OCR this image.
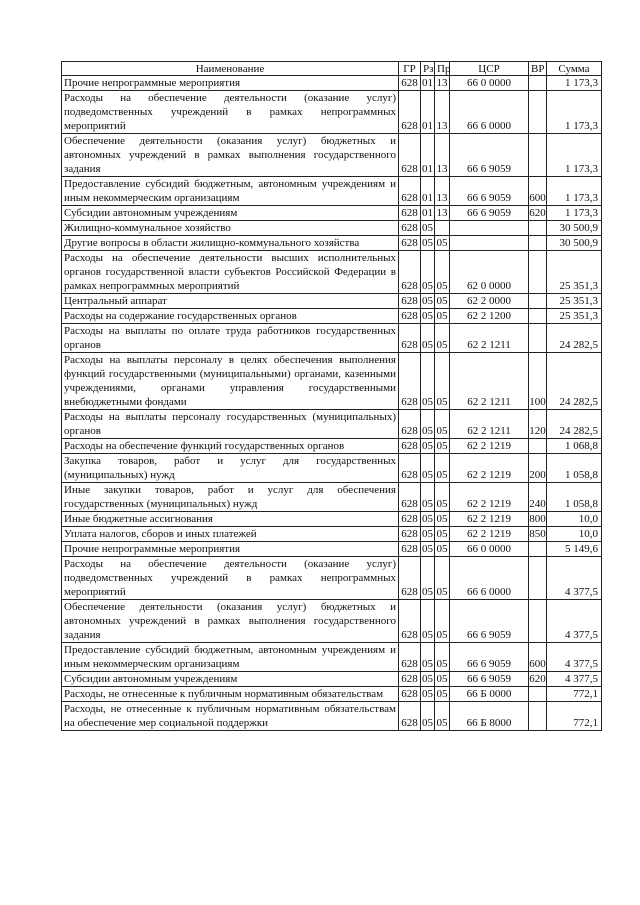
Наименование	ГР	Рз	Пр	ЦСР	ВР	Сумма
Прочие непрограммные мероприятия	628	01	13	66 0 0000		1 173,3
Расходы на обеспечение деятельности (оказание услуг) подведомственных учреждений в рамках непрограммных мероприятий	628	01	13	66 6 0000		1 173,3
Обеспечение деятельности (оказания услуг) бюджетных и автономных учреждений в рамках выполнения государственного задания	628	01	13	66 6 9059		1 173,3
Предоставление субсидий бюджетным, автономным учреждениям и иным некоммерческим организациям	628	01	13	66 6 9059	600	1 173,3
Субсидии автономным учреждениям	628	01	13	66 6 9059	620	1 173,3
Жилищно-коммунальное хозяйство	628	05				30 500,9
Другие вопросы в области жилищно-коммунального хозяйства	628	05	05			30 500,9
Расходы на обеспечение деятельности высших исполнительных органов государственной власти субъектов Российской Федерации в рамках непрограммных мероприятий	628	05	05	62 0 0000		25 351,3
Центральный аппарат	628	05	05	62 2 0000		25 351,3
Расходы на содержание государственных органов	628	05	05	62 2 1200		25 351,3
Расходы на выплаты по оплате труда работников государственных органов	628	05	05	62 2 1211		24 282,5
Расходы на выплаты персоналу в целях обеспечения выполнения функций государственными (муниципальными) органами, казенными учреждениями, органами управления государственными внебюджетными фондами	628	05	05	62 2 1211	100	24 282,5
Расходы на выплаты персоналу государственных (муниципальных) органов	628	05	05	62 2 1211	120	24 282,5
Расходы на обеспечение функций государственных органов	628	05	05	62 2 1219		1 068,8
Закупка товаров, работ и услуг для государственных (муниципальных) нужд	628	05	05	62 2 1219	200	1 058,8
Иные закупки товаров, работ и услуг для обеспечения государственных (муниципальных) нужд	628	05	05	62 2 1219	240	1 058,8
Иные бюджетные ассигнования	628	05	05	62 2 1219	800	10,0
Уплата налогов, сборов и иных платежей	628	05	05	62 2 1219	850	10,0
Прочие непрограммные мероприятия	628	05	05	66 0 0000		5 149,6
Расходы на обеспечение деятельности (оказание услуг) подведомственных учреждений в рамках непрограммных мероприятий	628	05	05	66 6 0000		4 377,5
Обеспечение деятельности (оказания услуг) бюджетных и автономных учреждений в рамках выполнения государственного задания	628	05	05	66 6 9059		4 377,5
Предоставление субсидий бюджетным, автономным учреждениям и иным некоммерческим организациям	628	05	05	66 6 9059	600	4 377,5
Субсидии автономным учреждениям	628	05	05	66 6 9059	620	4 377,5
Расходы, не отнесенные к публичным нормативным обязательствам	628	05	05	66 Б 0000		772,1
Расходы, не отнесенные к публичным нормативным обязательствам на обеспечение мер социальной поддержки	628	05	05	66 Б 8000		772,1
